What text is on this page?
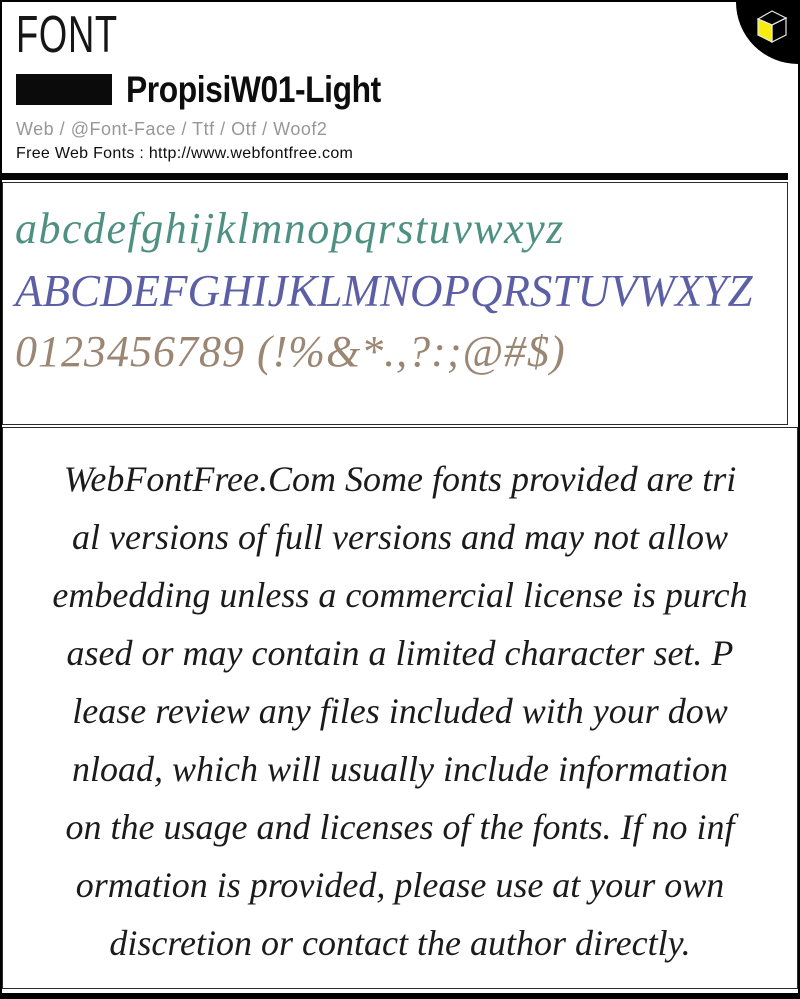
FONT
PropisiW01-Light
Web / @Font-Face / Ttf / Otf / Woof2
Free Web Fonts : http://www.webfontfree.com
abcdefghijklmnopqrstuvwxyz
ABCDEFGHIJKLMNOPQRSTUVWXYZ
0123456789 (!%&*.,?:;@#$)
WebFontFree.Com Some fonts provided are tri
al versions of full versions and may not allow
embedding unless a commercial license is purch
ased or may contain a limited character set. P
lease review any files included with your dow
nload, which will usually include information
on the usage and licenses of the fonts. If no inf
ormation is provided, please use at your own
discretion or contact the author directly.
